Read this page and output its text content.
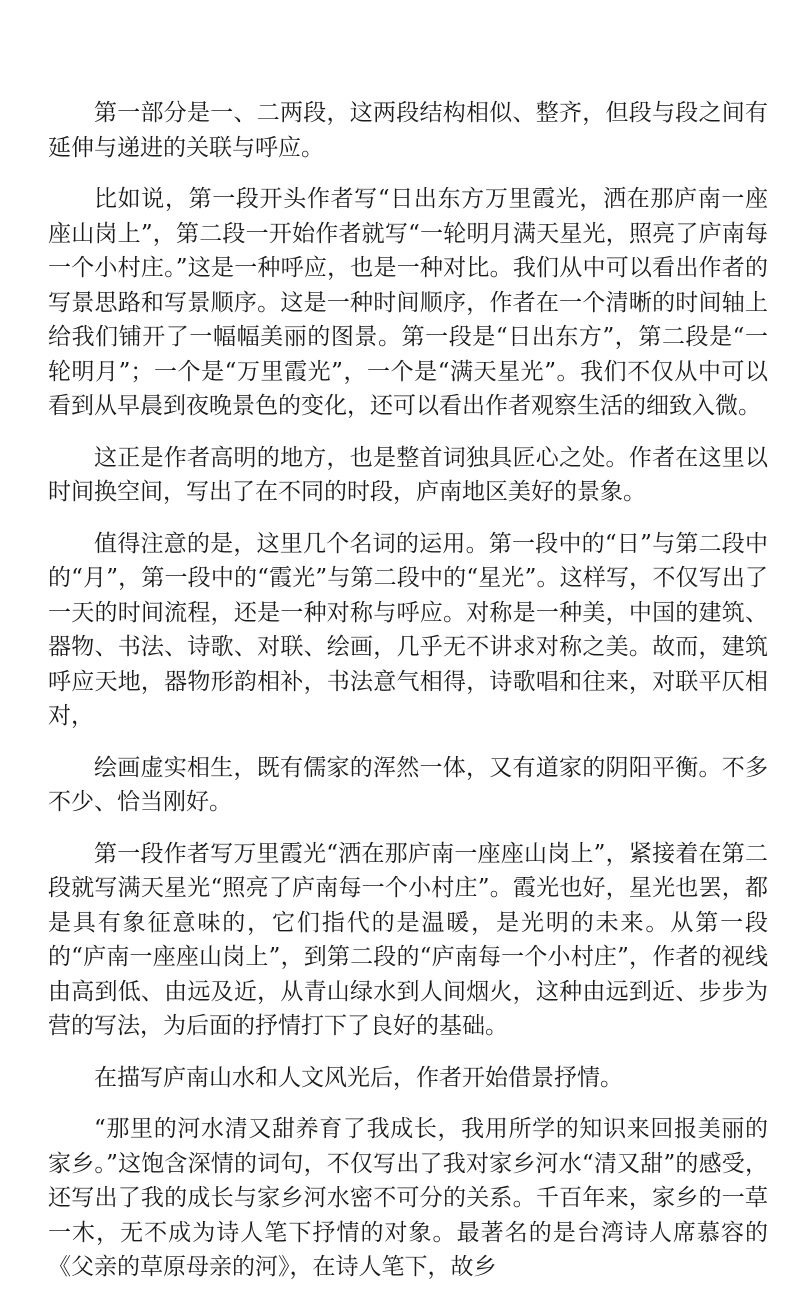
第一部分是一、二两段，这两段结构相似、整齐，但段与段之间有延伸与递进的关联与呼应。

比如说，第一段开头作者写“日出东方万里霞光，洒在那庐南一座座山岗上”，第二段一开始作者就写“一轮明月满天星光，照亮了庐南每一个小村庄。”这是一种呼应，也是一种对比。我们从中可以看出作者的写景思路和写景顺序。这是一种时间顺序，作者在一个清晰的时间轴上给我们铺开了一幅幅美丽的图景。第一段是“日出东方”，第二段是“一轮明月”；一个是“万里霞光”，一个是“满天星光”。我们不仅从中可以看到从早晨到夜晚景色的变化，还可以看出作者观察生活的细致入微。

这正是作者高明的地方，也是整首词独具匠心之处。作者在这里以时间换空间，写出了在不同的时段，庐南地区美好的景象。

值得注意的是，这里几个名词的运用。第一段中的“日”与第二段中的“月”，第一段中的“霞光”与第二段中的“星光”。这样写，不仅写出了一天的时间流程，还是一种对称与呼应。对称是一种美，中国的建筑、器物、书法、诗歌、对联、绘画，几乎无不讲求对称之美。故而，建筑呼应天地，器物形韵相补，书法意气相得，诗歌唱和往来，对联平仄相对，

绘画虚实相生，既有儒家的浑然一体，又有道家的阴阳平衡。不多不少、恰当刚好。

第一段作者写万里霞光“洒在那庐南一座座山岗上”，紧接着在第二段就写满天星光“照亮了庐南每一个小村庄”。霞光也好，星光也罢，都是具有象征意味的，它们指代的是温暖，是光明的未来。从第一段的“庐南一座座山岗上”，到第二段的“庐南每一个小村庄”，作者的视线由高到低、由远及近，从青山绿水到人间烟火，这种由远到近、步步为营的写法，为后面的抒情打下了良好的基础。

在描写庐南山水和人文风光后，作者开始借景抒情。

“那里的河水清又甜养育了我成长，我用所学的知识来回报美丽的家乡。”这饱含深情的词句，不仅写出了我对家乡河水“清又甜”的感受，还写出了我的成长与家乡河水密不可分的关系。千百年来，家乡的一草一木，无不成为诗人笔下抒情的对象。最著名的是台湾诗人席慕容的《父亲的草原母亲的河》，在诗人笔下，故乡
